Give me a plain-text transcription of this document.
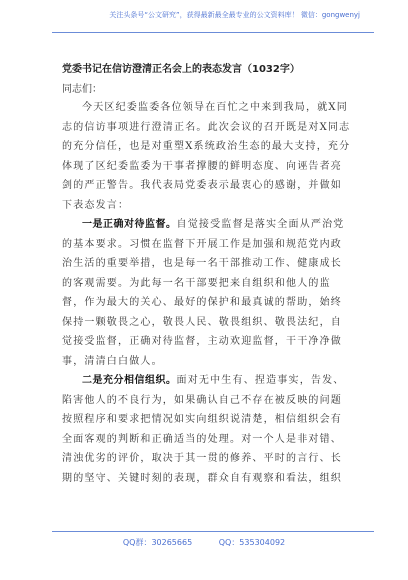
关注头条号“公文研究”，获得最新最全最专业的公文资料库！ 微信：gongwenyj
党委书记在信访澄清正名会上的表态发言（1032字）
同志们：

今天区纪委监委各位领导在百忙之中来到我局，就X同志的信访事项进行澄清正名。此次会议的召开既是对X同志的充分信任，也是对重塑X系统政治生态的最大支持，充分体现了区纪委监委为干事者撑腰的鲜明态度、向诬告者亮剑的严正警告。我代表局党委表示最衷心的感谢，并做如下表态发言：

一是正确对待监督。自觉接受监督是落实全面从严治党的基本要求。习惯在监督下开展工作是加强和规范党内政治生活的重要举措，也是每一名干部推动工作、健康成长的客观需要。为此每一名干部要把来自组织和他人的监督，作为最大的关心、最好的保护和最真诚的帮助，始终保持一颗敬畏之心，敬畏人民、敬畏组织、敬畏法纪，自觉接受监督，正确对待监督，主动欢迎监督，干干净净做事，清清白白做人。

二是充分相信组织。面对无中生有、捏造事实，告发、陷害他人的不良行为，如果确认自己不存在被反映的问题按照程序和要求把情况如实向组织说清楚，相信组织会有全面客观的判断和正确适当的处理。对一个人是非对错、清浊优劣的评价，取决于其一贯的修养、平时的言行、长期的坚守、关键时刻的表现，群众自有观察和看法，组织

QQ群：30265665	QQ：535304092
